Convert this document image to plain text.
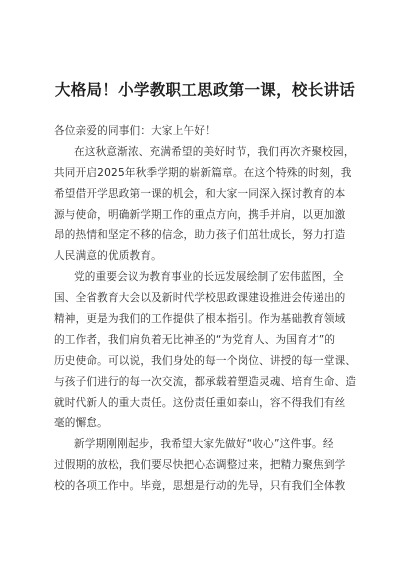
大格局！小学教职工思政第一课，校长讲话
各位亲爱的同事们：大家上午好！
在这秋意渐浓、充满希望的美好时节，我们再次齐聚校园，
共同开启2025年秋季学期的崭新篇章。在这个特殊的时刻，我
希望借开学思政第一课的机会，和大家一同深入探讨教育的本
源与使命，明确新学期工作的重点方向，携手并肩，以更加激
昂的热情和坚定不移的信念，助力孩子们茁壮成长，努力打造
人民满意的优质教育。
党的重要会议为教育事业的长远发展绘制了宏伟蓝图，全
国、全省教育大会以及新时代学校思政课建设推进会传递出的
精神，更是为我们的工作提供了根本指引。作为基础教育领域
的工作者，我们肩负着无比神圣的“为党育人、为国育才”的
历史使命。可以说，我们身处的每一个岗位、讲授的每一堂课、
与孩子们进行的每一次交流，都承载着塑造灵魂、培育生命、造
就时代新人的重大责任。这份责任重如泰山，容不得我们有丝
毫的懈怠。
新学期刚刚起步，我希望大家先做好“收心”这件事。经
过假期的放松，我们要尽快把心态调整过来，把精力聚焦到学
校的各项工作中。毕竟，思想是行动的先导，只有我们全体教
